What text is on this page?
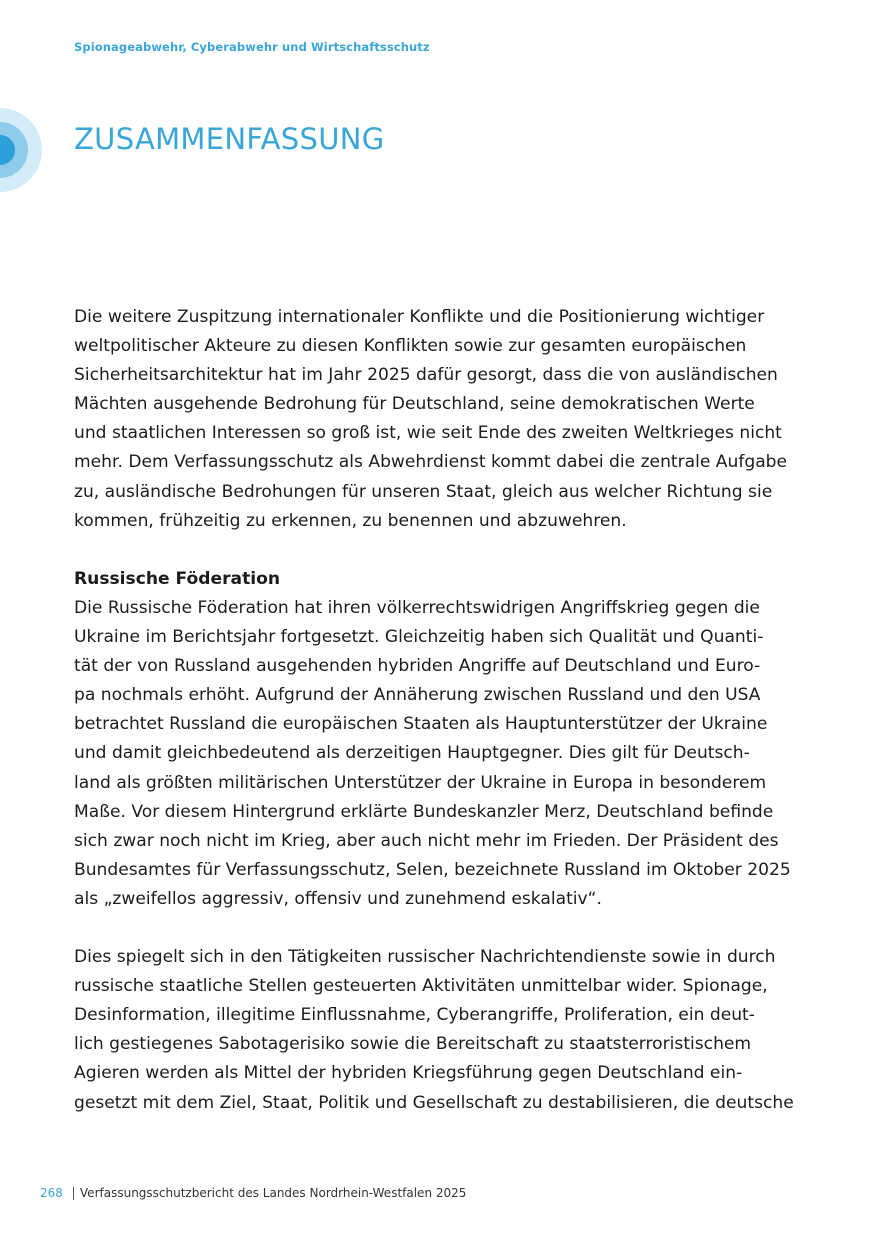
Spionageabwehr, Cyberabwehr und Wirtschaftsschutz
ZUSAMMENFASSUNG

Die weitere Zuspitzung internationaler Konflikte und die Positionierung wichtiger
weltpolitischer Akteure zu diesen Konflikten sowie zur gesamten europäischen
Sicherheitsarchitektur hat im Jahr 2025 dafür gesorgt, dass die von ausländischen
Mächten ausgehende Bedrohung für Deutschland, seine demokratischen Werte
und staatlichen Interessen so groß ist, wie seit Ende des zweiten Weltkrieges nicht
mehr. Dem Verfassungsschutz als Abwehrdienst kommt dabei die zentrale Aufgabe
zu, ausländische Bedrohungen für unseren Staat, gleich aus welcher Richtung sie
kommen, frühzeitig zu erkennen, zu benennen und abzuwehren.

Russische Föderation

Die Russische Föderation hat ihren völkerrechtswidrigen Angriffskrieg gegen die
Ukraine im Berichtsjahr fortgesetzt. Gleichzeitig haben sich Qualität und Quanti-
tät der von Russland ausgehenden hybriden Angriffe auf Deutschland und Euro-
pa nochmals erhöht. Aufgrund der Annäherung zwischen Russland und den USA
betrachtet Russland die europäischen Staaten als Hauptunterstützer der Ukraine
und damit gleichbedeutend als derzeitigen Hauptgegner. Dies gilt für Deutsch-
land als größten militärischen Unterstützer der Ukraine in Europa in besonderem
Maße. Vor diesem Hintergrund erklärte Bundeskanzler Merz, Deutschland befinde
sich zwar noch nicht im Krieg, aber auch nicht mehr im Frieden. Der Präsident des
Bundesamtes für Verfassungsschutz, Selen, bezeichnete Russland im Oktober 2025
als „zweifellos aggressiv, offensiv und zunehmend eskalativ“.

Dies spiegelt sich in den Tätigkeiten russischer Nachrichtendienste sowie in durch
russische staatliche Stellen gesteuerten Aktivitäten unmittelbar wider. Spionage,
Desinformation, illegitime Einflussnahme, Cyberangriffe, Proliferation, ein deut-
lich gestiegenes Sabotagerisiko sowie die Bereitschaft zu staatsterroristischem
Agieren werden als Mittel der hybriden Kriegsführung gegen Deutschland ein-
gesetzt mit dem Ziel, Staat, Politik und Gesellschaft zu destabilisieren, die deutsche

268 Verfassungsschutzbericht des Landes Nordrhein-Westfalen 2025
